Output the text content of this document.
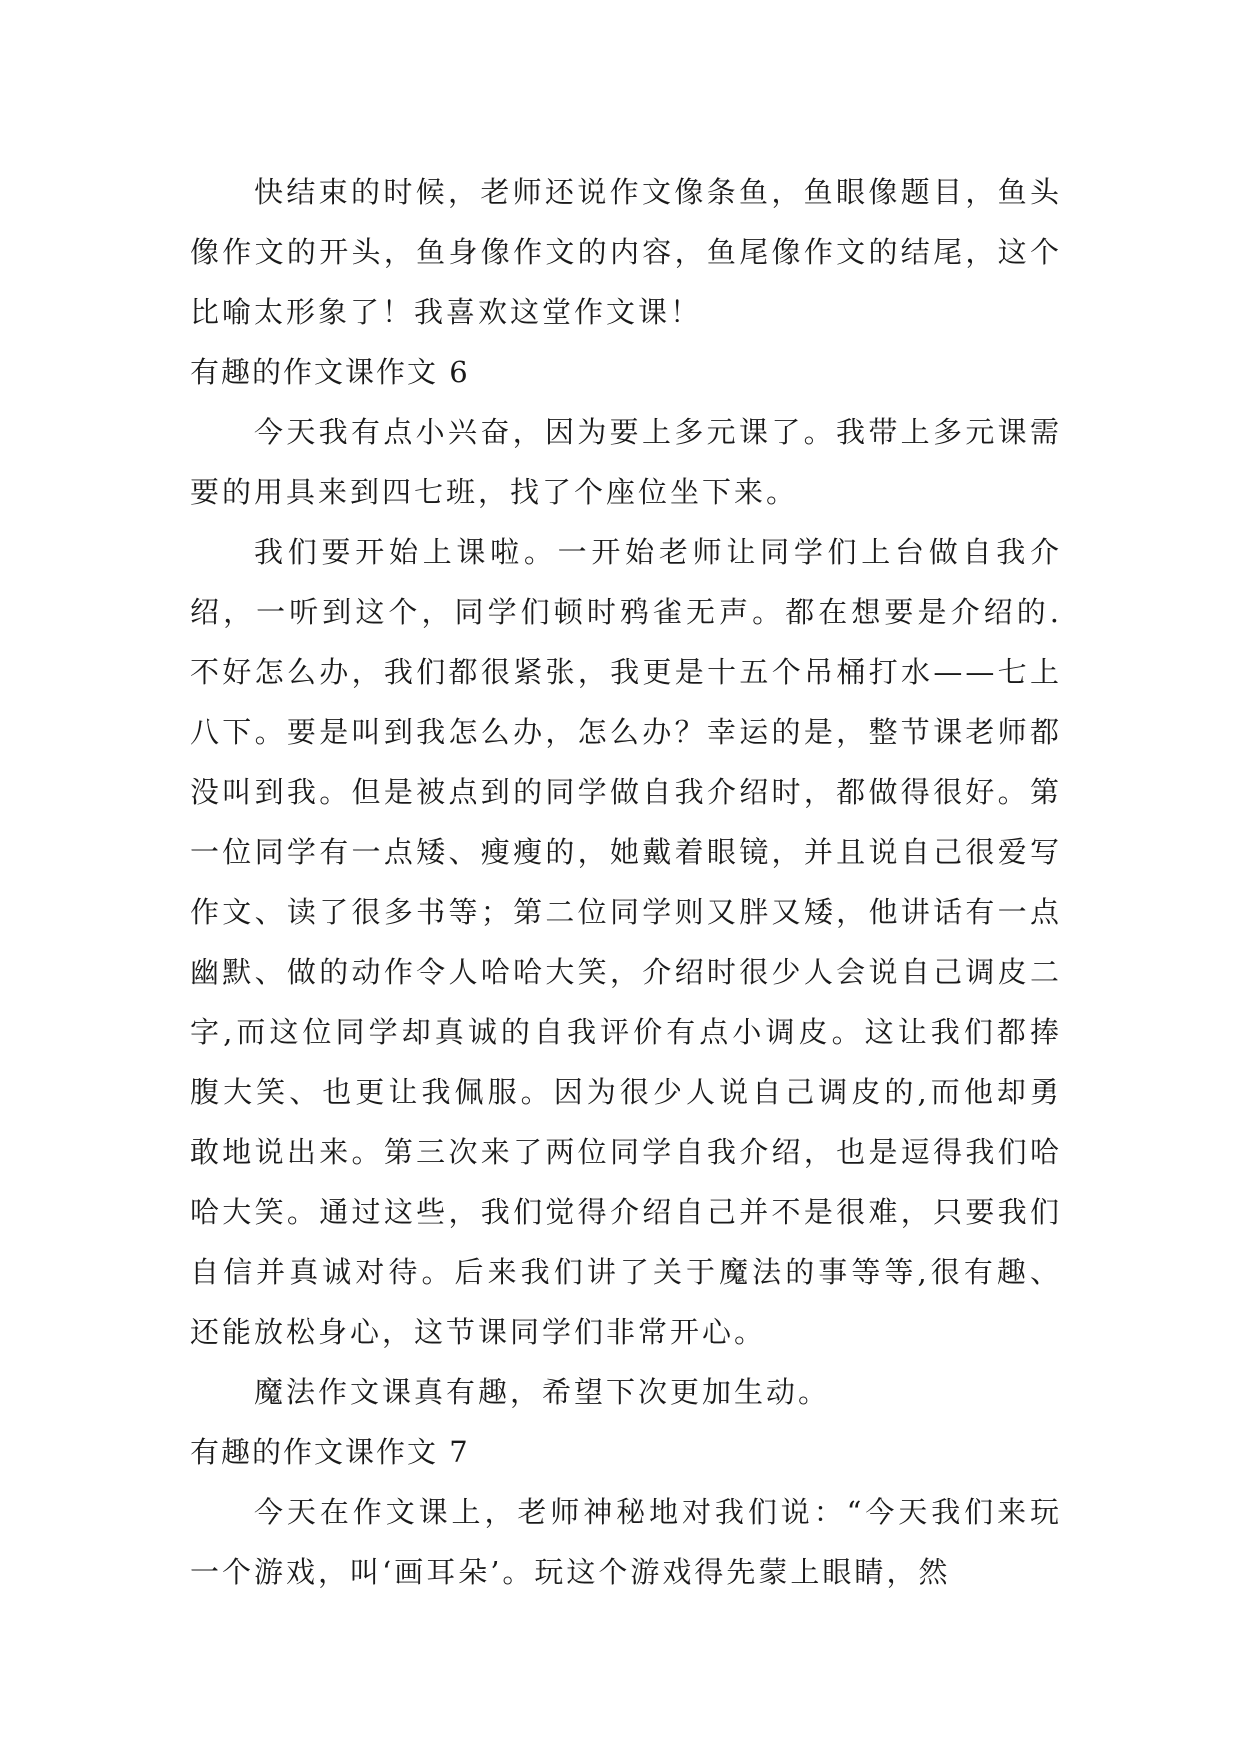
快结束的时候，老师还说作文像条鱼，鱼眼像题目，鱼头像作文的开头，鱼身像作文的内容，鱼尾像作文的结尾，这个比喻太形象了！我喜欢这堂作文课！

有趣的作文课作文 6

今天我有点小兴奋，因为要上多元课了。我带上多元课需要的用具来到四七班，找了个座位坐下来。

我们要开始上课啦。一开始老师让同学们上台做自我介绍，一听到这个，同学们顿时鸦雀无声。都在想要是介绍的.不好怎么办，我们都很紧张，我更是十五个吊桶打水——七上八下。要是叫到我怎么办，怎么办？幸运的是，整节课老师都没叫到我。但是被点到的同学做自我介绍时，都做得很好。第一位同学有一点矮、瘦瘦的，她戴着眼镜，并且说自己很爱写作文、读了很多书等；第二位同学则又胖又矮，他讲话有一点幽默、做的动作令人哈哈大笑，介绍时很少人会说自己调皮二字,而这位同学却真诚的自我评价有点小调皮。这让我们都捧腹大笑、也更让我佩服。因为很少人说自己调皮的,而他却勇敢地说出来。第三次来了两位同学自我介绍，也是逗得我们哈哈大笑。通过这些，我们觉得介绍自己并不是很难，只要我们自信并真诚对待。后来我们讲了关于魔法的事等等,很有趣、还能放松身心，这节课同学们非常开心。

魔法作文课真有趣，希望下次更加生动。

有趣的作文课作文 7

今天在作文课上，老师神秘地对我们说：“今天我们来玩一个游戏，叫‘画耳朵’。玩这个游戏得先蒙上眼睛，然
